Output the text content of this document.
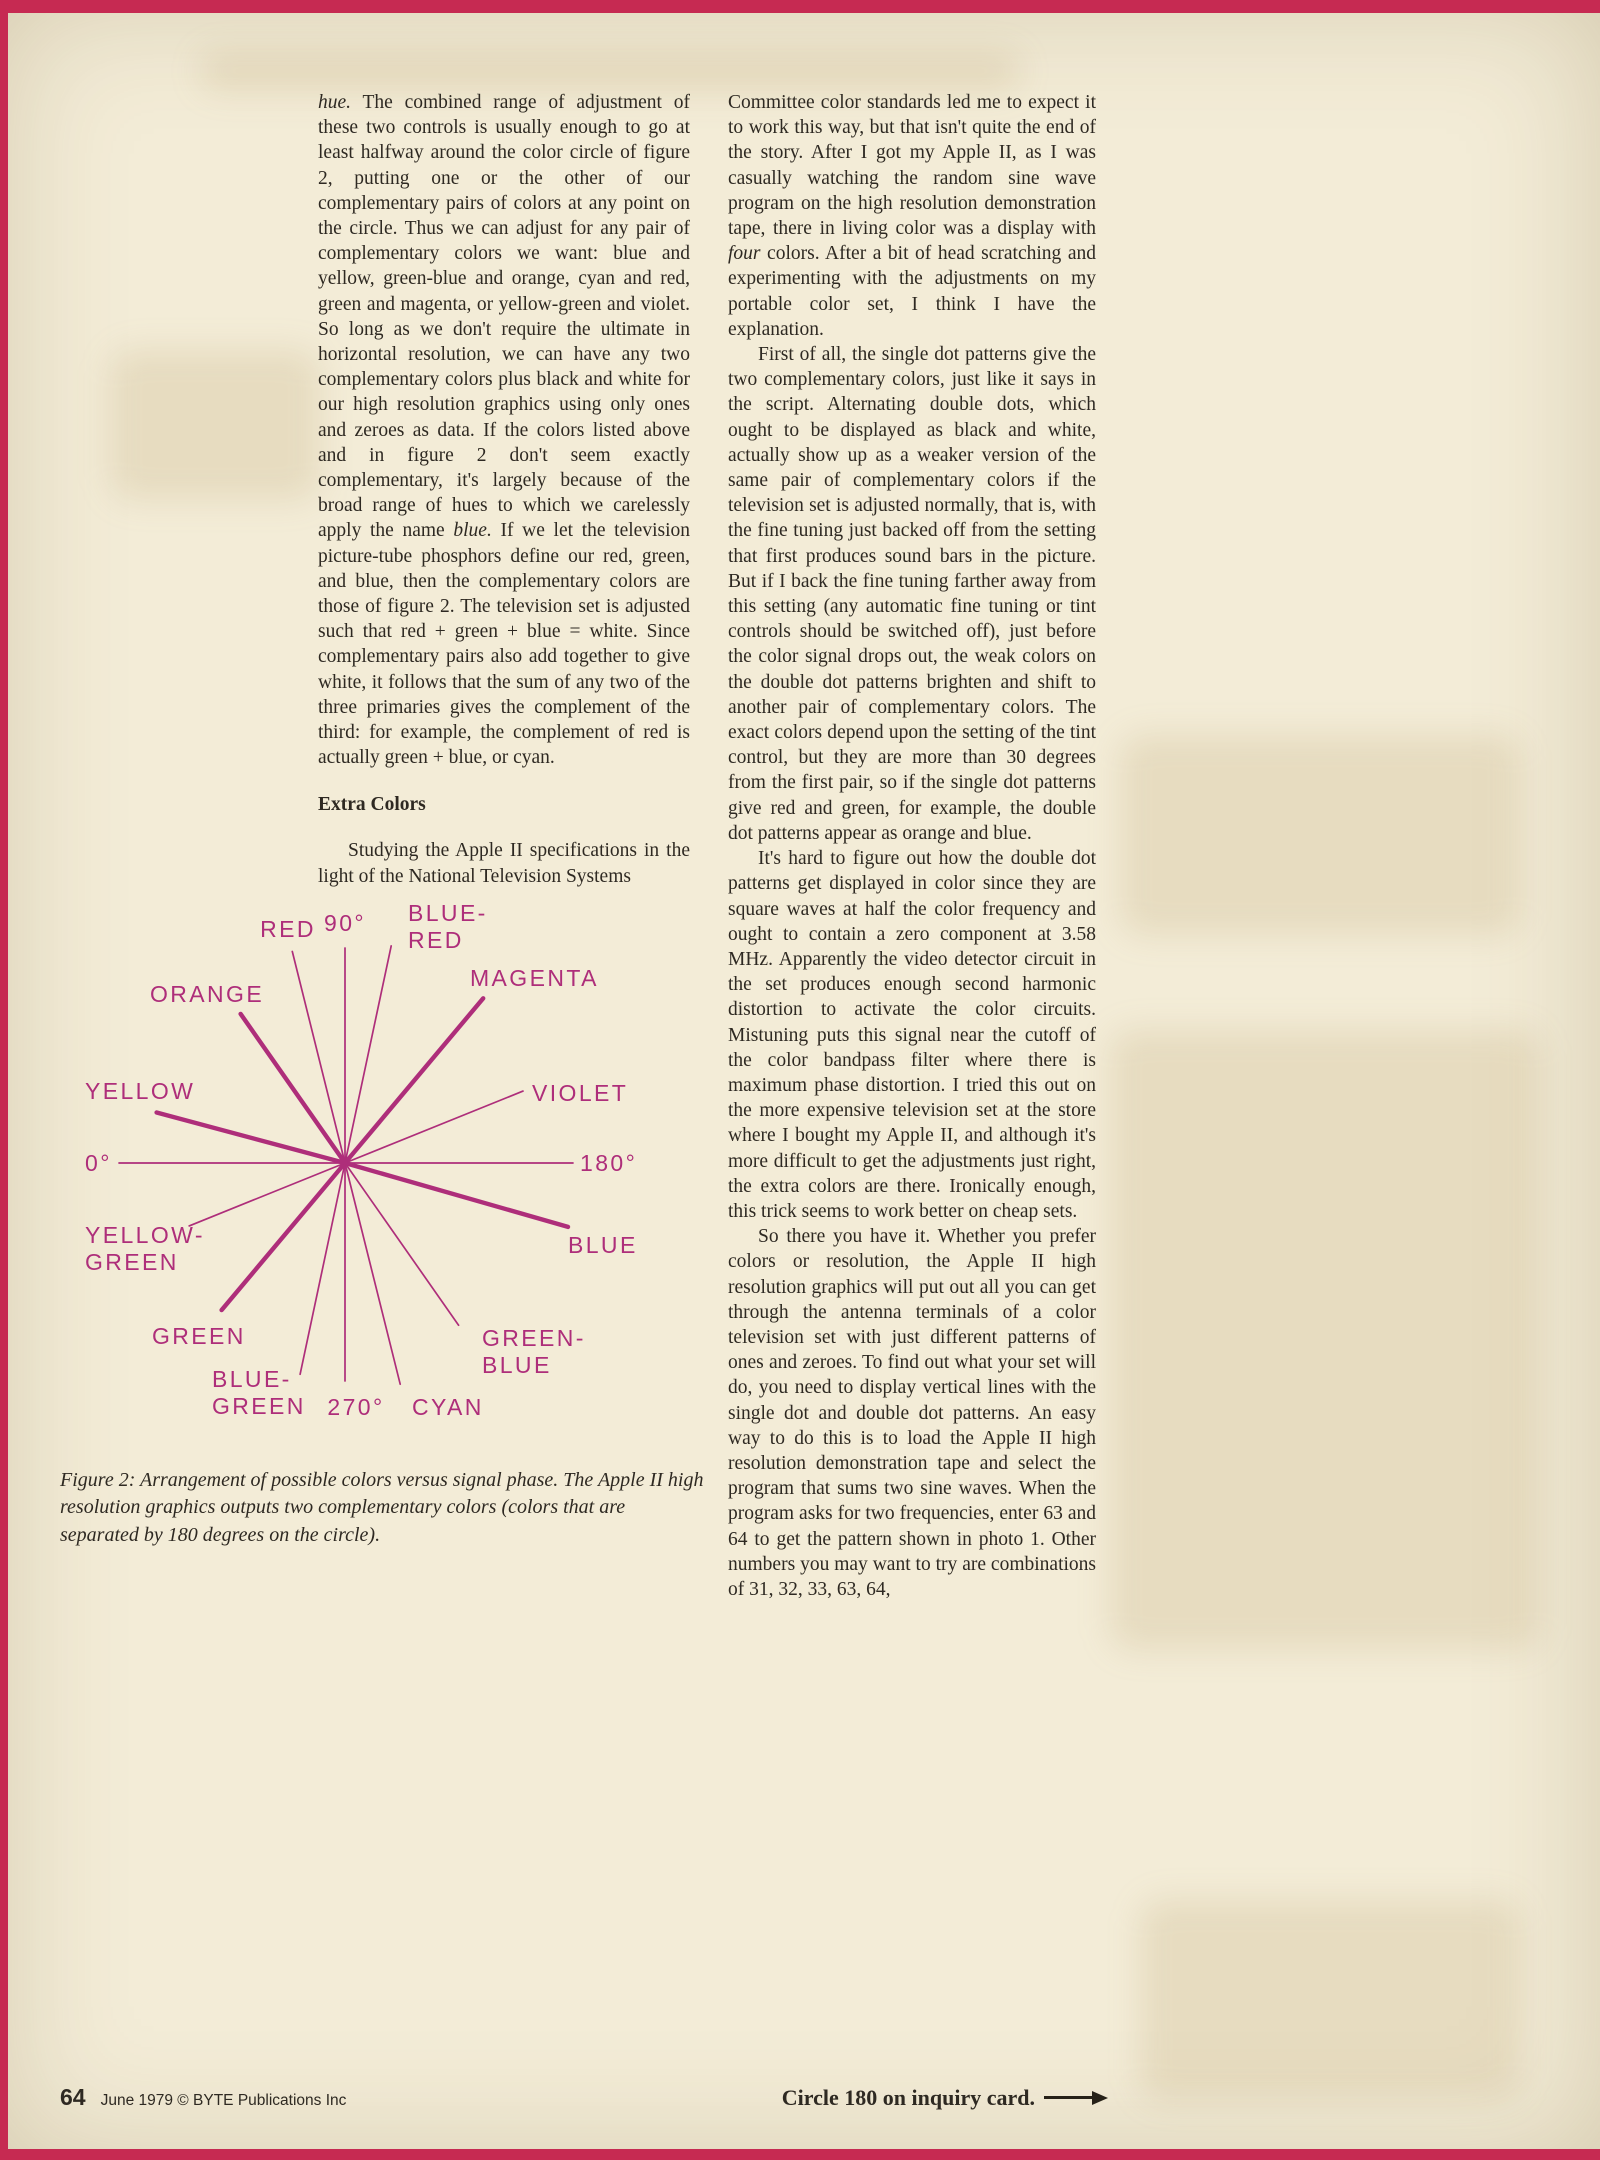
hue. The combined range of adjustment of these two controls is usually enough to go at least halfway around the color circle of figure 2, putting one or the other of our complementary pairs of colors at any point on the circle. Thus we can adjust for any pair of complementary colors we want: blue and yellow, green-blue and orange, cyan and red, green and magenta, or yellow-green and violet. So long as we don't require the ultimate in horizontal resolution, we can have any two complementary colors plus black and white for our high resolution graphics using only ones and zeroes as data. If the colors listed above and in figure 2 don't seem exactly complementary, it's largely because of the broad range of hues to which we carelessly apply the name blue. If we let the television picture-tube phosphors define our red, green, and blue, then the complementary colors are those of figure 2. The television set is adjusted such that red + green + blue = white. Since complementary pairs also add together to give white, it follows that the sum of any two of the three primaries gives the complement of the third: for example, the complement of red is actually green + blue, or cyan.

Extra Colors

Studying the Apple II specifications in the light of the National Television Systems

90°
RED
BLUE-RED
MAGENTA
VIOLET
180°
BLUE
GREEN-BLUE
CYAN
270°
BLUE-GREEN
GREEN
YELLOW-GREEN
0°
YELLOW
ORANGE
Figure 2: Arrangement of possible colors versus signal phase. The Apple II high resolution graphics outputs two complementary colors (colors that are separated by 180 degrees on the circle).

Committee color standards led me to expect it to work this way, but that isn't quite the end of the story. After I got my Apple II, as I was casually watching the random sine wave program on the high resolution demonstration tape, there in living color was a display with four colors. After a bit of head scratching and experimenting with the adjustments on my portable color set, I think I have the explanation.

First of all, the single dot patterns give the two complementary colors, just like it says in the script. Alternating double dots, which ought to be displayed as black and white, actually show up as a weaker version of the same pair of complementary colors if the television set is adjusted normally, that is, with the fine tuning just backed off from the setting that first produces sound bars in the picture. But if I back the fine tuning farther away from this setting (any automatic fine tuning or tint controls should be switched off), just before the color signal drops out, the weak colors on the double dot patterns brighten and shift to another pair of complementary colors. The exact colors depend upon the setting of the tint control, but they are more than 30 degrees from the first pair, so if the single dot patterns give red and green, for example, the double dot patterns appear as orange and blue.

It's hard to figure out how the double dot patterns get displayed in color since they are square waves at half the color frequency and ought to contain a zero component at 3.58 MHz. Apparently the video detector circuit in the set produces enough second harmonic distortion to activate the color circuits. Mistuning puts this signal near the cutoff of the color bandpass filter where there is maximum phase distortion. I tried this out on the more expensive television set at the store where I bought my Apple II, and although it's more difficult to get the adjustments just right, the extra colors are there. Ironically enough, this trick seems to work better on cheap sets.

So there you have it. Whether you prefer colors or resolution, the Apple II high resolution graphics will put out all you can get through the antenna terminals of a color television set with just different patterns of ones and zeroes. To find out what your set will do, you need to display vertical lines with the single dot and double dot patterns. An easy way to do this is to load the Apple II high resolution demonstration tape and select the program that sums two sine waves. When the program asks for two frequencies, enter 63 and 64 to get the pattern shown in photo 1. Other numbers you may want to try are combinations of 31, 32, 33, 63, 64,

64 June 1979 © BYTE Publications Inc	Circle 180 on inquiry card.
